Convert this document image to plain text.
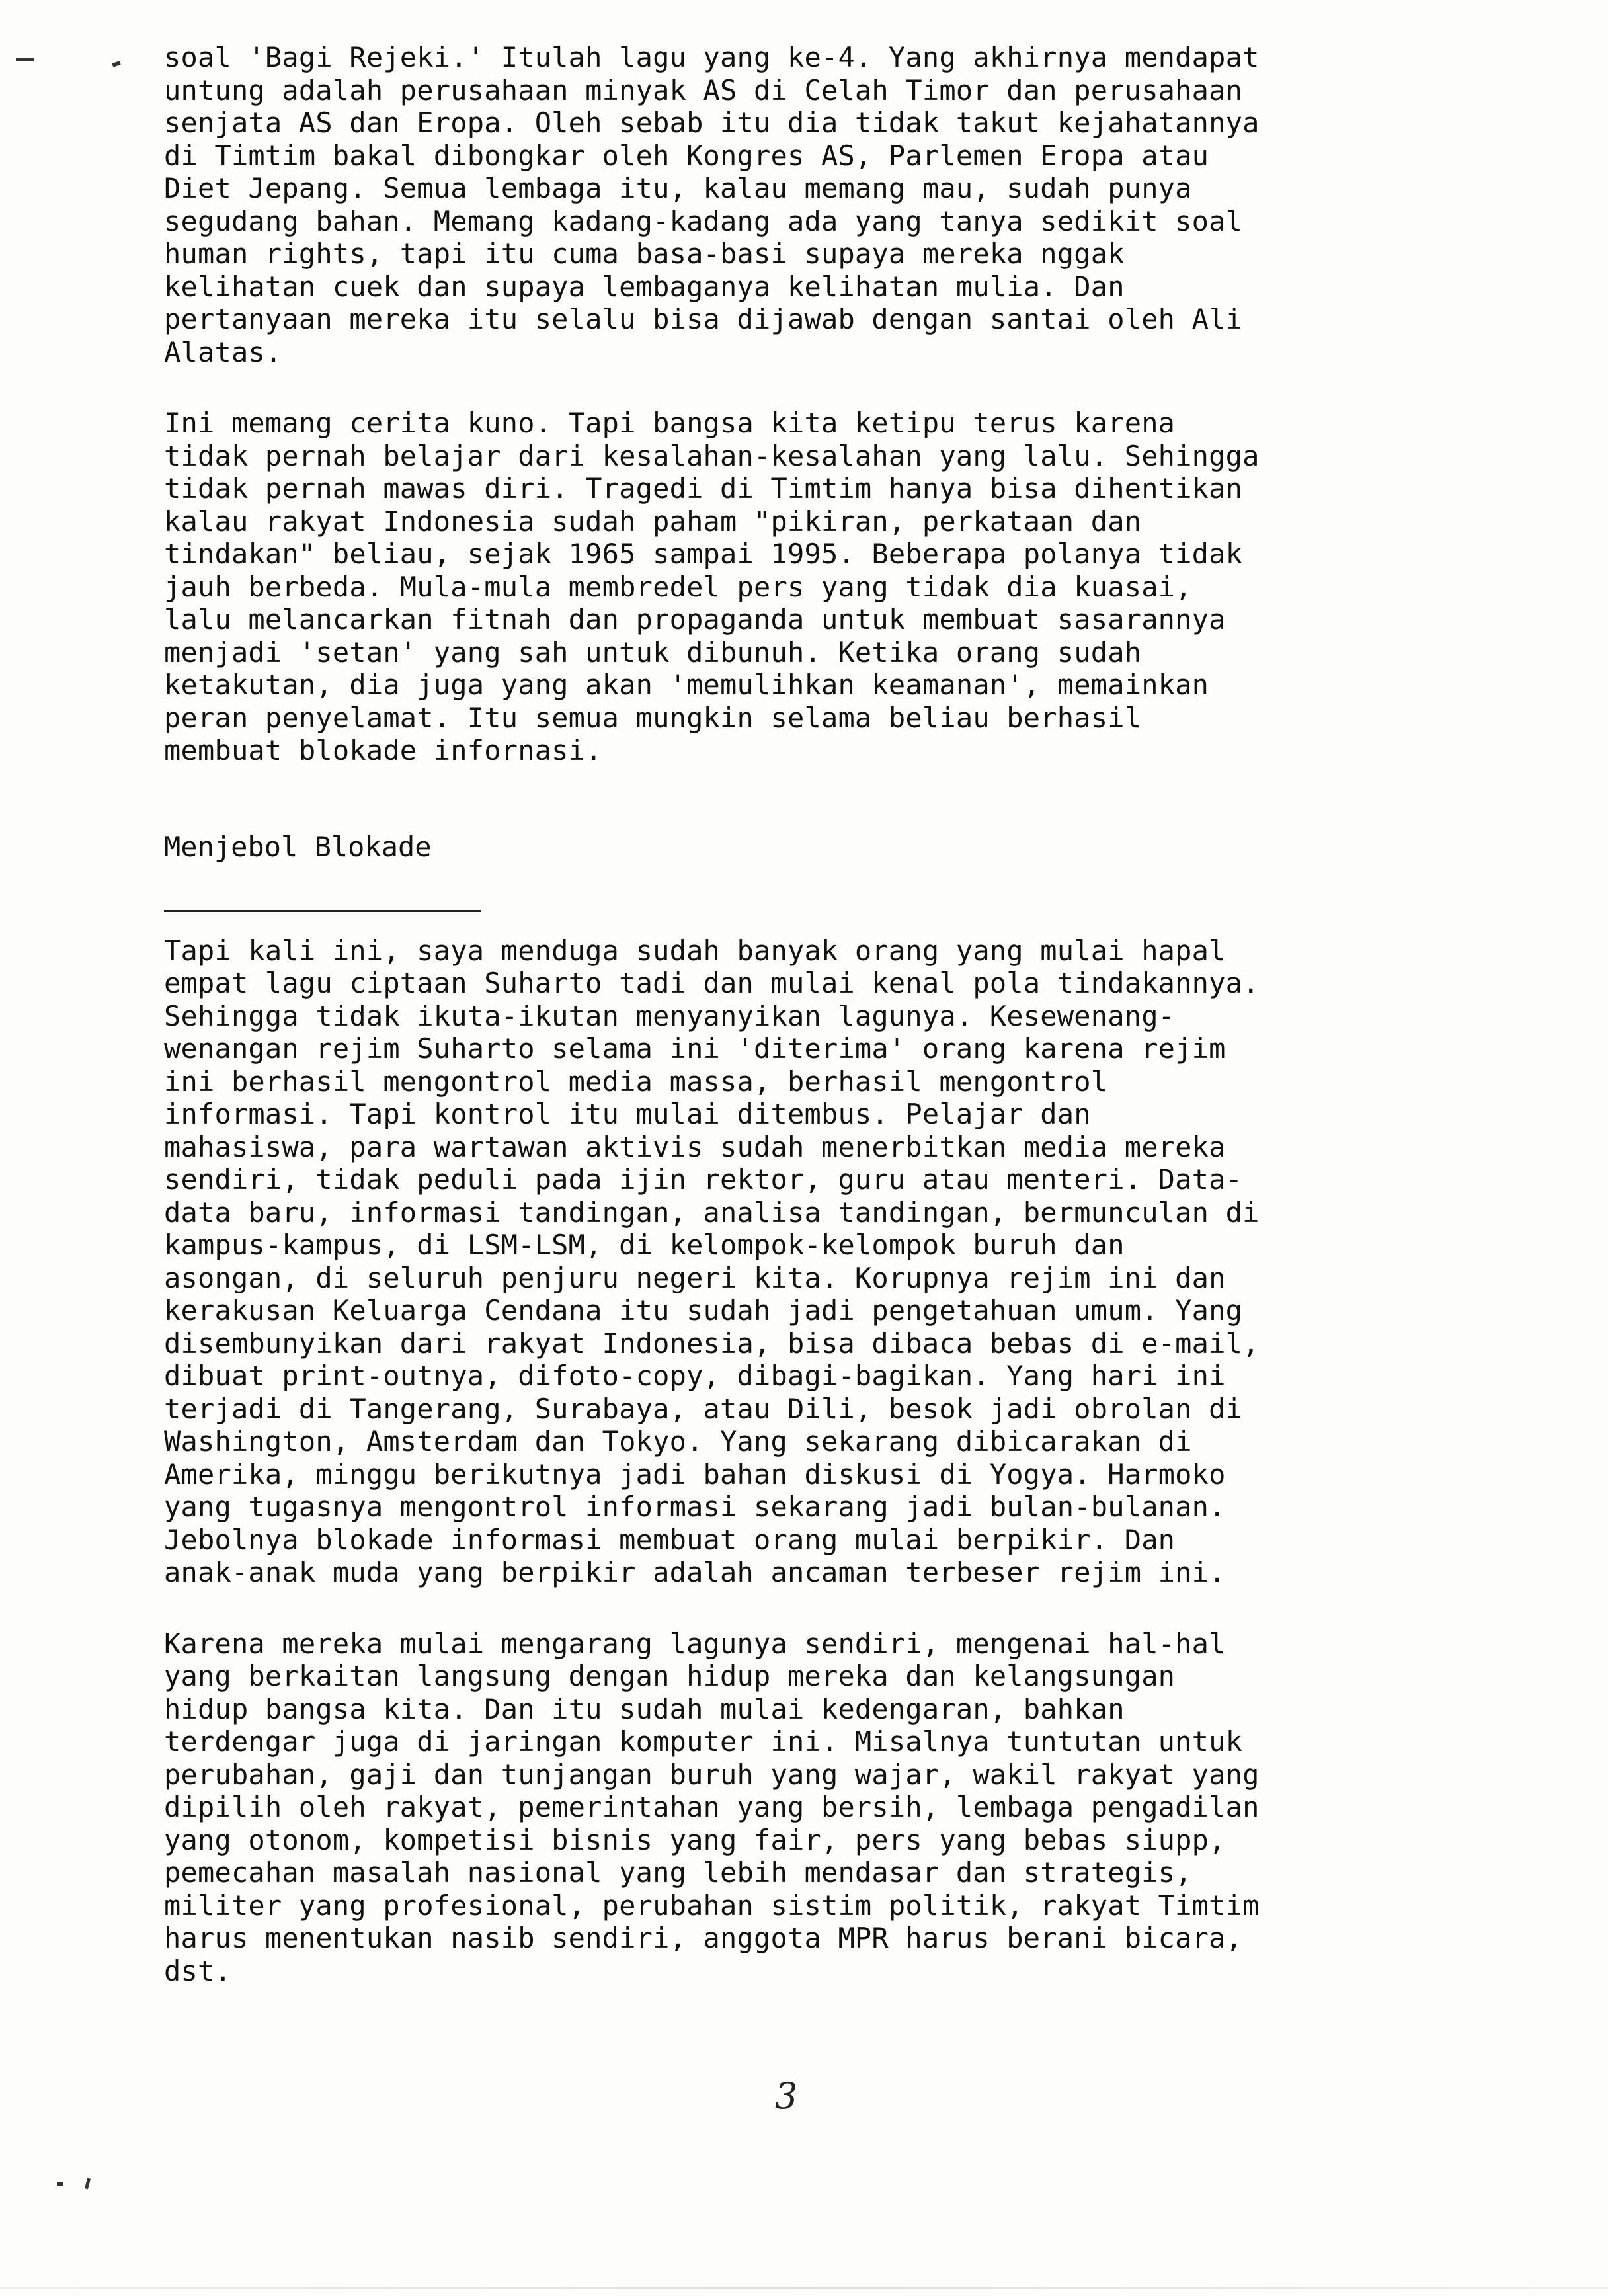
soal 'Bagi Rejeki.' Itulah lagu yang ke-4. Yang akhirnya mendapat
untung adalah perusahaan minyak AS di Celah Timor dan perusahaan
senjata AS dan Eropa. Oleh sebab itu dia tidak takut kejahatannya
di Timtim bakal dibongkar oleh Kongres AS, Parlemen Eropa atau
Diet Jepang. Semua lembaga itu, kalau memang mau, sudah punya
segudang bahan. Memang kadang-kadang ada yang tanya sedikit soal
human rights, tapi itu cuma basa-basi supaya mereka nggak
kelihatan cuek dan supaya lembaganya kelihatan mulia. Dan
pertanyaan mereka itu selalu bisa dijawab dengan santai oleh Ali
Alatas.
Ini memang cerita kuno. Tapi bangsa kita ketipu terus karena
tidak pernah belajar dari kesalahan-kesalahan yang lalu. Sehingga
tidak pernah mawas diri. Tragedi di Timtim hanya bisa dihentikan
kalau rakyat Indonesia sudah paham "pikiran, perkataan dan
tindakan" beliau, sejak 1965 sampai 1995. Beberapa polanya tidak
jauh berbeda. Mula-mula membredel pers yang tidak dia kuasai,
lalu melancarkan fitnah dan propaganda untuk membuat sasarannya
menjadi 'setan' yang sah untuk dibunuh. Ketika orang sudah
ketakutan, dia juga yang akan 'memulihkan keamanan', memainkan
peran penyelamat. Itu semua mungkin selama beliau berhasil
membuat blokade infornasi.
Menjebol Blokade
Tapi kali ini, saya menduga sudah banyak orang yang mulai hapal
empat lagu ciptaan Suharto tadi dan mulai kenal pola tindakannya.
Sehingga tidak ikuta-ikutan menyanyikan lagunya. Kesewenang-
wenangan rejim Suharto selama ini 'diterima' orang karena rejim
ini berhasil mengontrol media massa, berhasil mengontrol
informasi. Tapi kontrol itu mulai ditembus. Pelajar dan
mahasiswa, para wartawan aktivis sudah menerbitkan media mereka
sendiri, tidak peduli pada ijin rektor, guru atau menteri. Data-
data baru, informasi tandingan, analisa tandingan, bermunculan di
kampus-kampus, di LSM-LSM, di kelompok-kelompok buruh dan
asongan, di seluruh penjuru negeri kita. Korupnya rejim ini dan
kerakusan Keluarga Cendana itu sudah jadi pengetahuan umum. Yang
disembunyikan dari rakyat Indonesia, bisa dibaca bebas di e-mail,
dibuat print-outnya, difoto-copy, dibagi-bagikan. Yang hari ini
terjadi di Tangerang, Surabaya, atau Dili, besok jadi obrolan di
Washington, Amsterdam dan Tokyo. Yang sekarang dibicarakan di
Amerika, minggu berikutnya jadi bahan diskusi di Yogya. Harmoko
yang tugasnya mengontrol informasi sekarang jadi bulan-bulanan.
Jebolnya blokade informasi membuat orang mulai berpikir. Dan
anak-anak muda yang berpikir adalah ancaman terbeser rejim ini.
Karena mereka mulai mengarang lagunya sendiri, mengenai hal-hal
yang berkaitan langsung dengan hidup mereka dan kelangsungan
hidup bangsa kita. Dan itu sudah mulai kedengaran, bahkan
terdengar juga di jaringan komputer ini. Misalnya tuntutan untuk
perubahan, gaji dan tunjangan buruh yang wajar, wakil rakyat yang
dipilih oleh rakyat, pemerintahan yang bersih, lembaga pengadilan
yang otonom, kompetisi bisnis yang fair, pers yang bebas siupp,
pemecahan masalah nasional yang lebih mendasar dan strategis,
militer yang profesional, perubahan sistim politik, rakyat Timtim
harus menentukan nasib sendiri, anggota MPR harus berani bicara,
dst.
3
